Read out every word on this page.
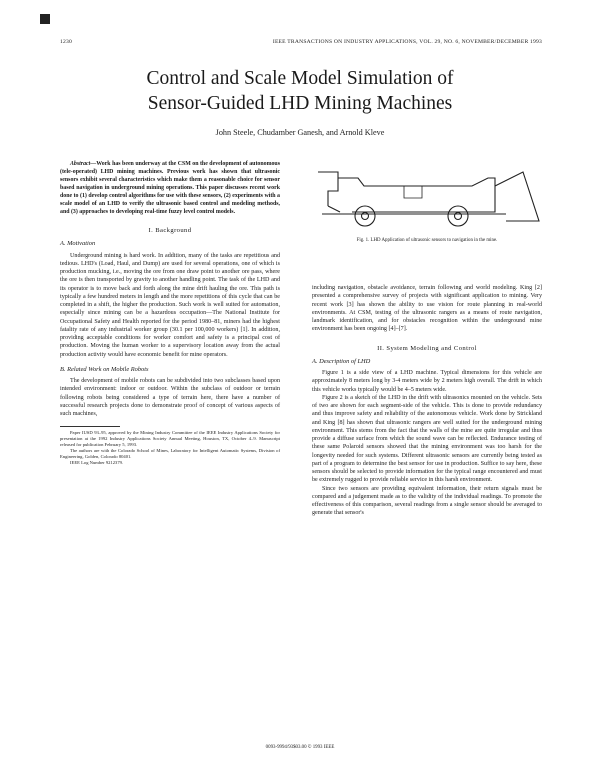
1230	IEEE TRANSACTIONS ON INDUSTRY APPLICATIONS, VOL. 29, NO. 6, NOVEMBER/DECEMBER 1993
Control and Scale Model Simulation of
Sensor-Guided LHD Mining Machines
John Steele, Chudamber Ganesh, and Arnold Kleve

Abstract—Work has been underway at the CSM on the development of autonomous (tele-operated) LHD mining machines. Previous work has shown that ultrasonic sensors exhibit several characteristics which make them a reasonable choice for sensor based navigation in underground mining operations. This paper discusses recent work done to (1) develop control algorithms for use with these sensors, (2) experiments with a scale model of an LHD to verify the ultrasonic based control and modeling methods, and (3) approaches to developing real-time fuzzy level control models.

I. Background
A. Motivation

Underground mining is hard work. In addition, many of the tasks are repetitious and tedious. LHD's (Load, Haul, and Dump) are used for several operations, one of which is production mucking, i.e., moving the ore from one draw point to another ore pass, where the ore is then transported by gravity to another handling point. The task of the LHD and its operator is to move back and forth along the mine drift hauling the ore. This path is typically a few hundred meters in length and the more repetitions of this cycle that can be completed in a shift, the higher the production. Such work is well suited for automation, especially since mining can be a hazardous occupation—The National Institute for Occupational Safety and Health reported for the period 1980–81, miners had the highest fatality rate of any industrial worker group (30.1 per 100,000 workers) [1]. In addition, providing acceptable conditions for worker comfort and safety is a principal cost of production. Moving the human worker to a supervisory location away from the actual production activity would have economic benefit for mine operators.

B. Related Work on Mobile Robots

The development of mobile robots can be subdivided into two subclasses based upon intended environment: indoor or outdoor. Within the subclass of outdoor or terrain following robots being considered a type of terrain here, there have a number of successful research projects done to demonstrate proof of concept of various aspects of such machines,

Paper IUSD 93–95, approved by the Mining Industry Committee of the IEEE Industry Applications Society for presentation at the 1992 Industry Applications Society Annual Meeting, Houston, TX, October 4–9. Manuscript released for publication February 5, 1993.

The authors are with the Colorado School of Mines, Laboratory for Intelligent Automatic Systems, Division of Engineering, Golden, Colorado 80401.

IEEE Log Number 9212379.

Fig. 1. LHD Application of ultrasonic sensors to navigation in the mine.

including navigation, obstacle avoidance, terrain following and world modeling. King [2] presented a comprehensive survey of projects with significant application to mining. Very recent work [3] has shown the ability to use vision for route planning in real-world environments. At CSM, testing of the ultrasonic rangers as a means of route navigation, landmark identification, and for obstacles recognition within the underground mine environment has been ongoing [4]–[7].

II. System Modeling and Control
A. Description of LHD

Figure 1 is a side view of a LHD machine. Typical dimensions for this vehicle are approximately 8 meters long by 3-4 meters wide by 2 meters high overall. The drift in which this vehicle works typically would be 4–5 meters wide.

Figure 2 is a sketch of the LHD in the drift with ultrasonics mounted on the vehicle. Sets of two are shown for each segment-side of the vehicle. This is done to provide redundancy and thus improve safety and reliability of the autonomous vehicle. Work done by Strickland and King [8] has shown that ultrasonic rangers are well suited for the underground mining environment. This stems from the fact that the walls of the mine are quite irregular and thus provide a diffuse surface from which the sound wave can be reflected. Endurance testing of these same Polaroid sensors showed that the mining environment was too harsh for the longevity needed for such systems. Different ultrasonic sensors are currently being tested as part of a program to determine the best sensor for use in production. Suffice to say here, these sensors should be selected to provide information for the typical range encountered and must be extremely rugged to provide reliable service in this harsh environment.

Since two sensors are providing equivalent information, their return signals must be compared and a judgement made as to the validity of the individual readings. To promote the effectiveness of this comparison, several readings from a single sensor should be averaged to generate that sensor's

0093-9994/93$03.00 © 1993 IEEE
